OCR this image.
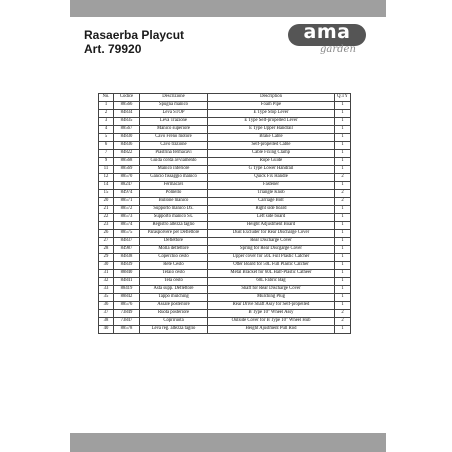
Rasaerba Playcut
Art. 79920
ama
garden
No.	Codice	Descrizione	Description	Q.TY
1	88566	Spugna manico	Foam Pipe	1
2	84834	Leva STOP	E Type Stop Lever	1
3	84835	Leva Trazione	E Type Self-propelled Lever	1
4	88567	Manico superiore	E Type Upper Handrail	1
5	84830	Cavo Freno motore	Brake Cable	1
6	84836	Cavo trazione	Self-propelled Cable	1
7	84822	Piastrina fermacavi	Cable Fixing Clamp	1
9	88568	Guida corda avviamento	Rope Guide	1
11	88569	Manico inferiore	G Type Lower Handrail	1
12	88570	Gancio fissaggio manico	Quick Fix Handle	2
14	88247	Fermacavi	Fastener	1
15	84974	Pomello	Triangle Knob	2
20	88571	Bullone manico	Carriage Bolt	2
21	88572	Supporto manico Dx.	Right side board	1
22	88573	Supporto manico Sx.	Left side board	1
23	88574	Registro altezza taglio	Height Adjustment Board	1
26	88575	Paraspolvere per Deflettore	Dust Excluder for Rear Discharge Cover	1
27	84837	Deflettore	Rear Discharge Cover	1
28	84987	Molla deflettore	Spring for Rear Discgarge Cover	1
29	84838	Coperchio cesto	Upper cover for 50L Full Plastic Catcher	1
30	84839	Rete Cesto	Otter Board for 50L Full Plastic Catcher	1
31	88840	Telaio cesto	Metal Bracket for 60L Half-Plastic Catheer	1
32	84841	Tela cesto	60L Fabric Bag	1
33	88419	Asta supp. Deflettore	Shaft for Rear Discharge Cover	1
35	88842	Tappo mulching	Mulching Plug	1
36	88576	Assale posteriore	Rear Drive Shaft Assy for Self-propelled	1
37	73849	Ruota posteriore	B Type 10" Wheel Assy	2
38	73847	Copriruota	Outside Cover for B Type 10" Wheel Hub	2
40	88578	Leva reg. altezza taglio	Height Ajustment Pull Rod	1
